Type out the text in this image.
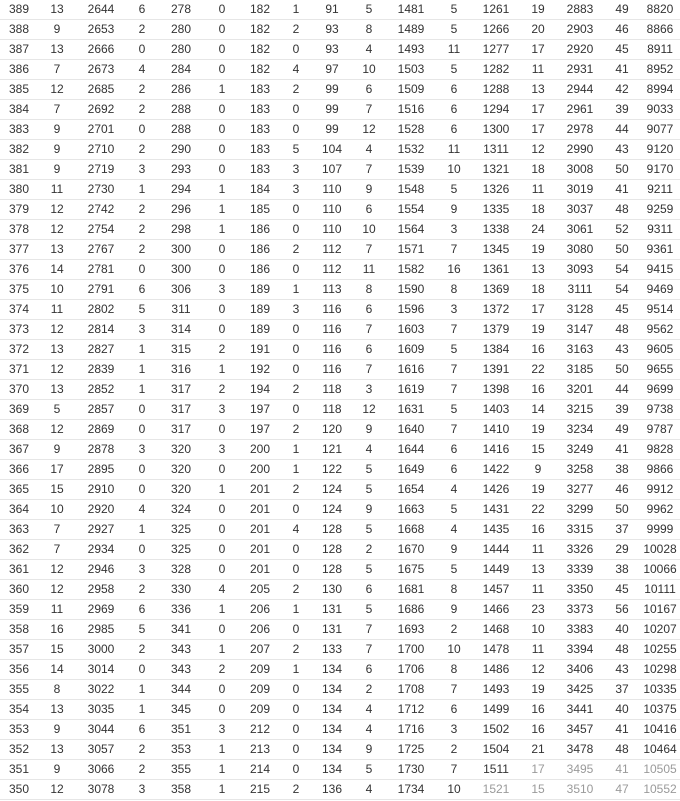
389	13	2644	6	278	0	182	1	91	5	1481	5	1261	19	2883	49	8820
388	9	2653	2	280	0	182	2	93	8	1489	5	1266	20	2903	46	8866
387	13	2666	0	280	0	182	0	93	4	1493	11	1277	17	2920	45	8911
386	7	2673	4	284	0	182	4	97	10	1503	5	1282	11	2931	41	8952
385	12	2685	2	286	1	183	2	99	6	1509	6	1288	13	2944	42	8994
384	7	2692	2	288	0	183	0	99	7	1516	6	1294	17	2961	39	9033
383	9	2701	0	288	0	183	0	99	12	1528	6	1300	17	2978	44	9077
382	9	2710	2	290	0	183	5	104	4	1532	11	1311	12	2990	43	9120
381	9	2719	3	293	0	183	3	107	7	1539	10	1321	18	3008	50	9170
380	11	2730	1	294	1	184	3	110	9	1548	5	1326	11	3019	41	9211
379	12	2742	2	296	1	185	0	110	6	1554	9	1335	18	3037	48	9259
378	12	2754	2	298	1	186	0	110	10	1564	3	1338	24	3061	52	9311
377	13	2767	2	300	0	186	2	112	7	1571	7	1345	19	3080	50	9361
376	14	2781	0	300	0	186	0	112	11	1582	16	1361	13	3093	54	9415
375	10	2791	6	306	3	189	1	113	8	1590	8	1369	18	3111	54	9469
374	11	2802	5	311	0	189	3	116	6	1596	3	1372	17	3128	45	9514
373	12	2814	3	314	0	189	0	116	7	1603	7	1379	19	3147	48	9562
372	13	2827	1	315	2	191	0	116	6	1609	5	1384	16	3163	43	9605
371	12	2839	1	316	1	192	0	116	7	1616	7	1391	22	3185	50	9655
370	13	2852	1	317	2	194	2	118	3	1619	7	1398	16	3201	44	9699
369	5	2857	0	317	3	197	0	118	12	1631	5	1403	14	3215	39	9738
368	12	2869	0	317	0	197	2	120	9	1640	7	1410	19	3234	49	9787
367	9	2878	3	320	3	200	1	121	4	1644	6	1416	15	3249	41	9828
366	17	2895	0	320	0	200	1	122	5	1649	6	1422	9	3258	38	9866
365	15	2910	0	320	1	201	2	124	5	1654	4	1426	19	3277	46	9912
364	10	2920	4	324	0	201	0	124	9	1663	5	1431	22	3299	50	9962
363	7	2927	1	325	0	201	4	128	5	1668	4	1435	16	3315	37	9999
362	7	2934	0	325	0	201	0	128	2	1670	9	1444	11	3326	29	10028
361	12	2946	3	328	0	201	0	128	5	1675	5	1449	13	3339	38	10066
360	12	2958	2	330	4	205	2	130	6	1681	8	1457	11	3350	45	10111
359	11	2969	6	336	1	206	1	131	5	1686	9	1466	23	3373	56	10167
358	16	2985	5	341	0	206	0	131	7	1693	2	1468	10	3383	40	10207
357	15	3000	2	343	1	207	2	133	7	1700	10	1478	11	3394	48	10255
356	14	3014	0	343	2	209	1	134	6	1706	8	1486	12	3406	43	10298
355	8	3022	1	344	0	209	0	134	2	1708	7	1493	19	3425	37	10335
354	13	3035	1	345	0	209	0	134	4	1712	6	1499	16	3441	40	10375
353	9	3044	6	351	3	212	0	134	4	1716	3	1502	16	3457	41	10416
352	13	3057	2	353	1	213	0	134	9	1725	2	1504	21	3478	48	10464
351	9	3066	2	355	1	214	0	134	5	1730	7	1511	17	3495	41	10505
350	12	3078	3	358	1	215	2	136	4	1734	10	1521	15	3510	47	10552
